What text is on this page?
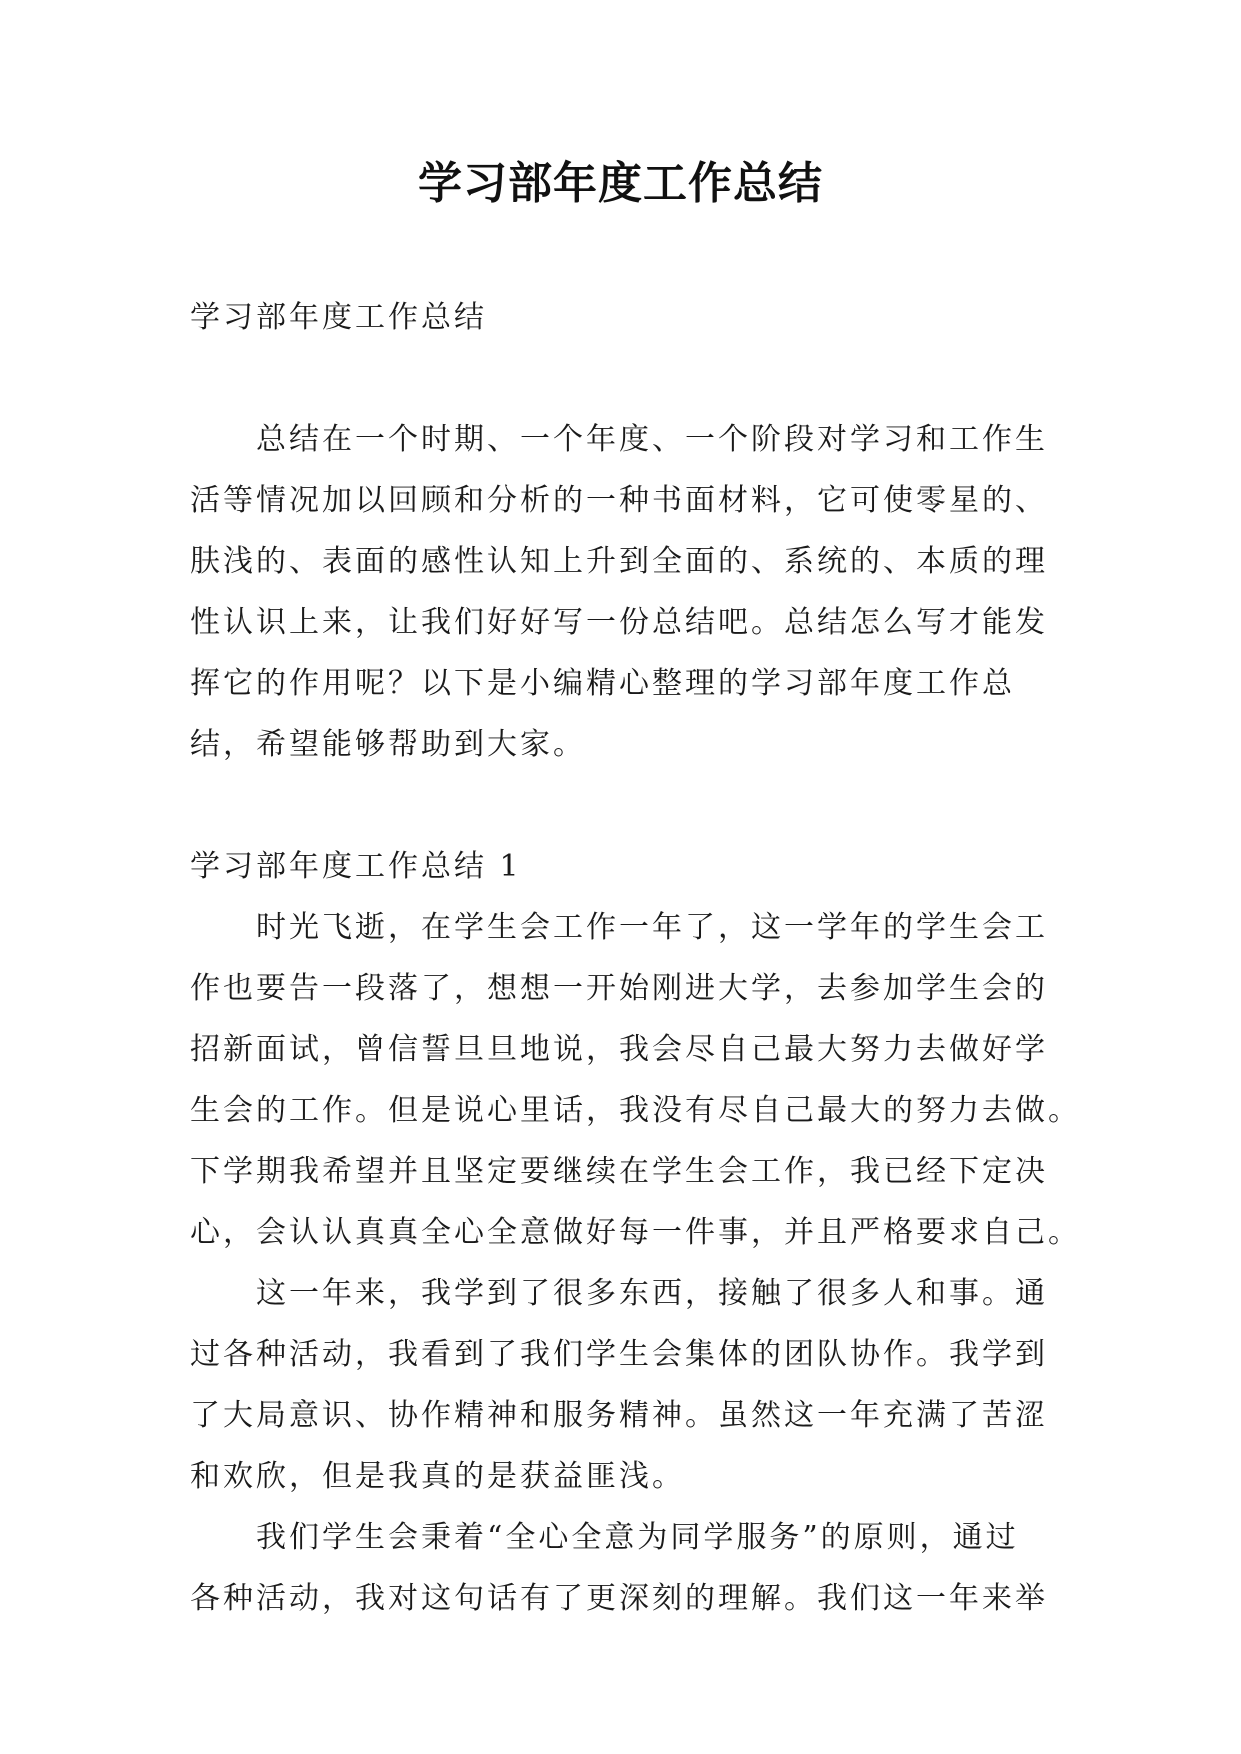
学习部年度工作总结
学习部年度工作总结
总结在一个时期、一个年度、一个阶段对学习和工作生
活等情况加以回顾和分析的一种书面材料，它可使零星的、
肤浅的、表面的感性认知上升到全面的、系统的、本质的理
性认识上来，让我们好好写一份总结吧。总结怎么写才能发
挥它的作用呢？以下是小编精心整理的学习部年度工作总
结，希望能够帮助到大家。
学习部年度工作总结 1
时光飞逝，在学生会工作一年了，这一学年的学生会工
作也要告一段落了，想想一开始刚进大学，去参加学生会的
招新面试，曾信誓旦旦地说，我会尽自己最大努力去做好学
生会的工作。但是说心里话，我没有尽自己最大的努力去做。
下学期我希望并且坚定要继续在学生会工作，我已经下定决
心，会认认真真全心全意做好每一件事，并且严格要求自己。
这一年来，我学到了很多东西，接触了很多人和事。通
过各种活动，我看到了我们学生会集体的团队协作。我学到
了大局意识、协作精神和服务精神。虽然这一年充满了苦涩
和欢欣，但是我真的是获益匪浅。
我们学生会秉着“全心全意为同学服务”的原则，通过
各种活动，我对这句话有了更深刻的理解。我们这一年来举
